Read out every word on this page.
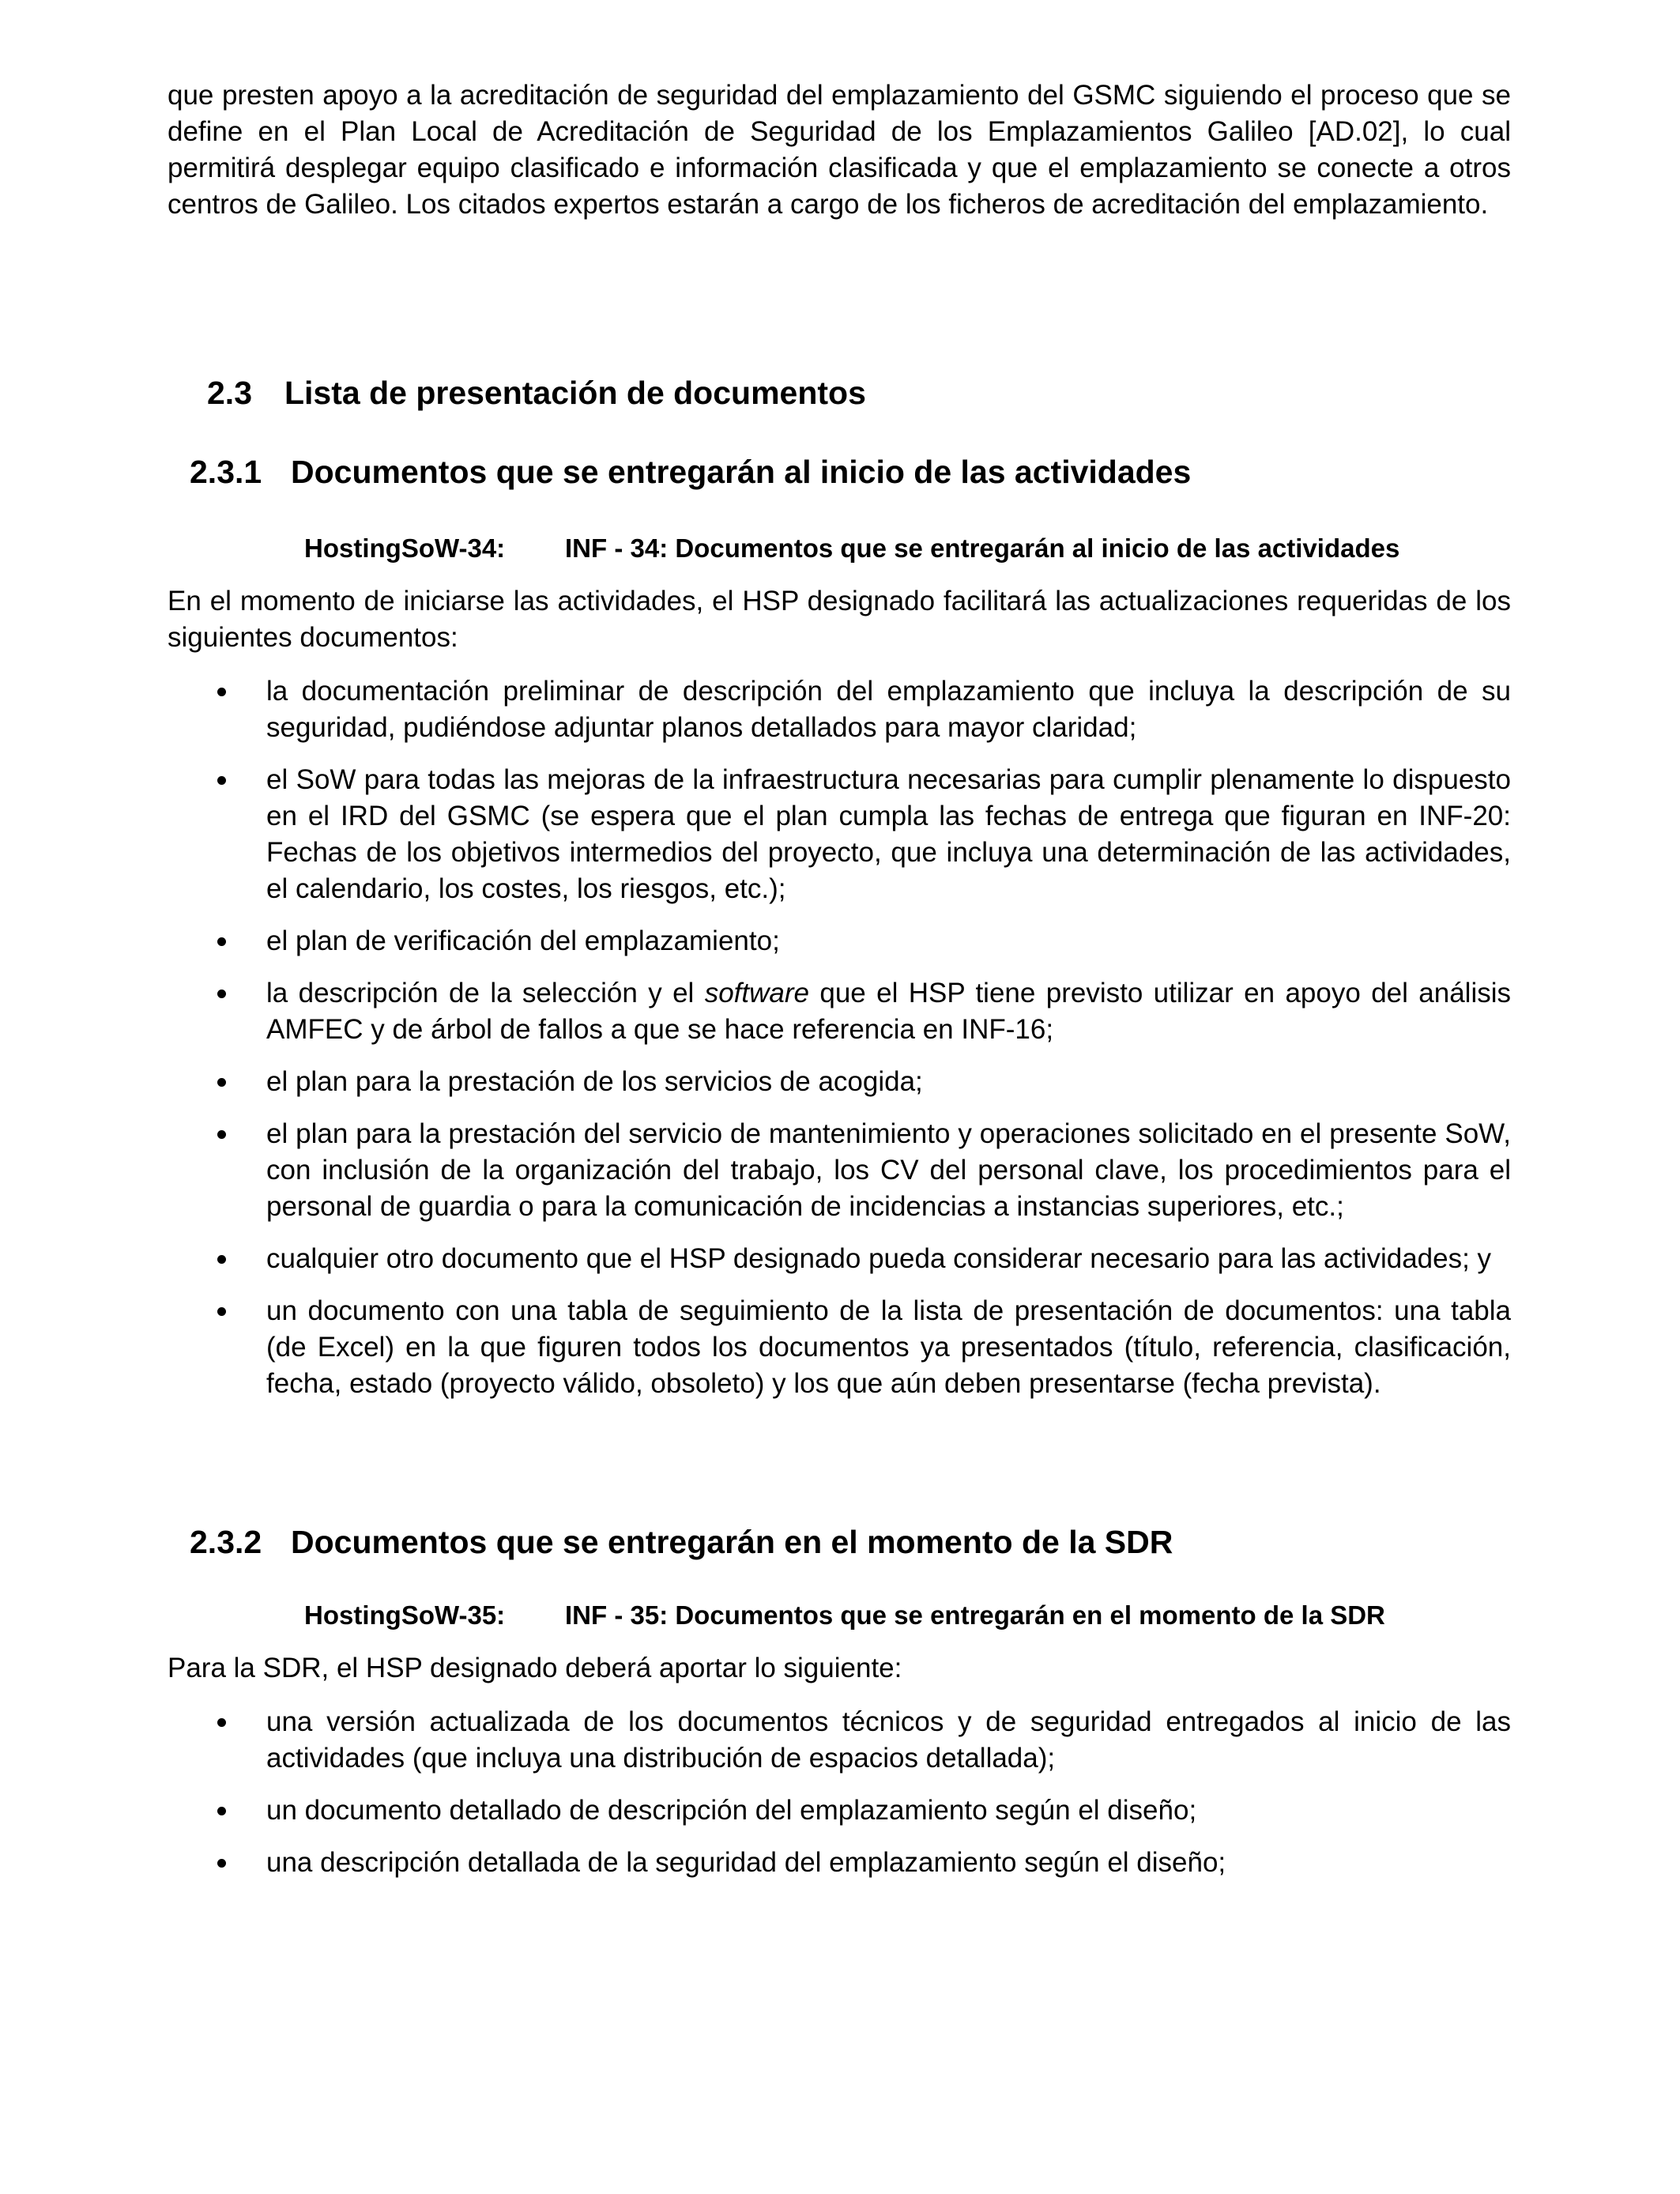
que presten apoyo a la acreditación de seguridad del emplazamiento del GSMC siguiendo el proceso que se define en el Plan Local de Acreditación de Seguridad de los Emplazamientos Galileo [AD.02], lo cual permitirá desplegar equipo clasificado e información clasificada y que el emplazamiento se conecte a otros centros de Galileo. Los citados expertos estarán a cargo de los ficheros de acreditación del emplazamiento.

2.3 Lista de presentación de documentos
2.3.1 Documentos que se entregarán al inicio de las actividades
HostingSoW-34: INF - 34: Documentos que se entregarán al inicio de las actividades

En el momento de iniciarse las actividades, el HSP designado facilitará las actualizaciones requeridas de los siguientes documentos:

la documentación preliminar de descripción del emplazamiento que incluya la descripción de su seguridad, pudiéndose adjuntar planos detallados para mayor claridad;
el SoW para todas las mejoras de la infraestructura necesarias para cumplir plenamente lo dispuesto en el IRD del GSMC (se espera que el plan cumpla las fechas de entrega que figuran en INF-20: Fechas de los objetivos intermedios del proyecto, que incluya una determinación de las actividades, el calendario, los costes, los riesgos, etc.);
el plan de verificación del emplazamiento;
la descripción de la selección y el software que el HSP tiene previsto utilizar en apoyo del análisis AMFEC y de árbol de fallos a que se hace referencia en INF-16;
el plan para la prestación de los servicios de acogida;
el plan para la prestación del servicio de mantenimiento y operaciones solicitado en el presente SoW, con inclusión de la organización del trabajo, los CV del personal clave, los procedimientos para el personal de guardia o para la comunicación de incidencias a instancias superiores, etc.;
cualquier otro documento que el HSP designado pueda considerar necesario para las actividades; y
un documento con una tabla de seguimiento de la lista de presentación de documentos: una tabla (de Excel) en la que figuren todos los documentos ya presentados (título, referencia, clasificación, fecha, estado (proyecto válido, obsoleto) y los que aún deben presentarse (fecha prevista).
2.3.2 Documentos que se entregarán en el momento de la SDR
HostingSoW-35: INF - 35: Documentos que se entregarán en el momento de la SDR

Para la SDR, el HSP designado deberá aportar lo siguiente:

una versión actualizada de los documentos técnicos y de seguridad entregados al inicio de las actividades (que incluya una distribución de espacios detallada);
un documento detallado de descripción del emplazamiento según el diseño;
una descripción detallada de la seguridad del emplazamiento según el diseño;
